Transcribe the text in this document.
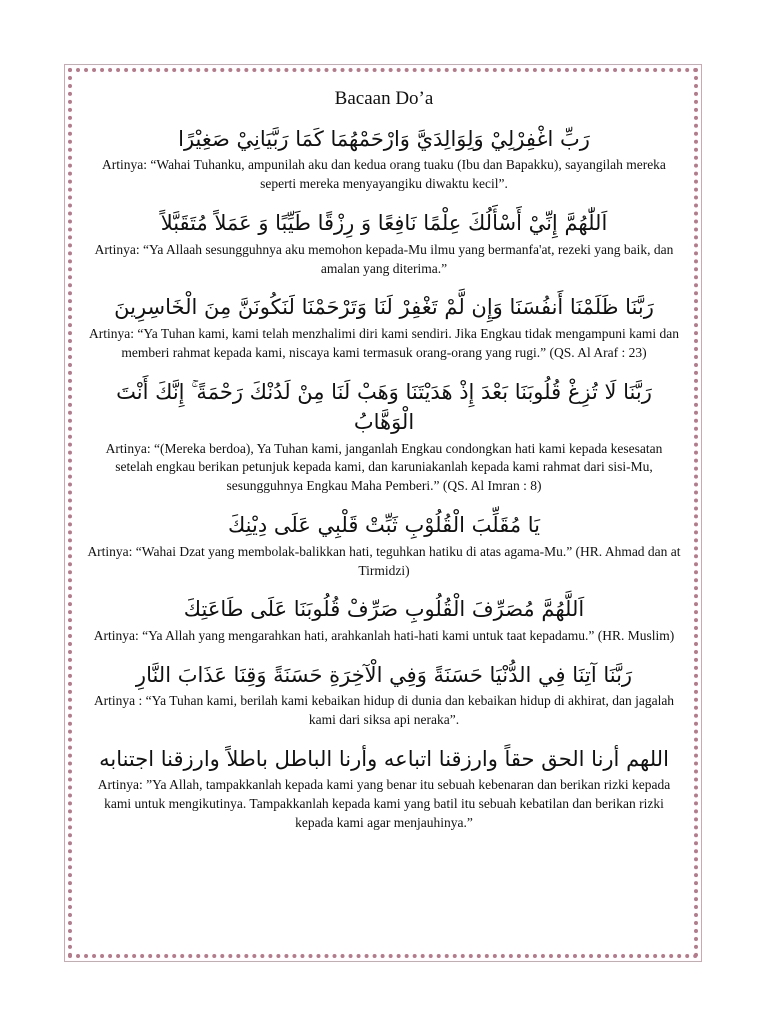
Bacaan Do’a

رَبِّ اغْفِرْلِيْ وَلِوَالِدَيَّ وَارْحَمْهُمَا كَمَا رَبَّيَانِيْ صَغِيْرًا

Artinya: “Wahai Tuhanku, ampunilah aku dan kedua orang tuaku (Ibu dan Bapakku), sayangilah mereka seperti mereka menyayangiku diwaktu kecil”.

اَللّٰهُمَّ إِنِّيْ أَسْأَلُكَ عِلْمًا نَافِعًا وَ رِزْقًا طَيِّبًا وَ عَمَلاً مُتَقَبَّلاً

Artinya: “Ya Allaah sesungguhnya aku memohon kepada-Mu ilmu yang bermanfa'at, rezeki yang baik, dan amalan yang diterima.”

رَبَّنَا ظَلَمْنَا أَنفُسَنَا وَإِن لَّمْ تَغْفِرْ لَنَا وَتَرْحَمْنَا لَنَكُونَنَّ مِنَ الْخَاسِرِينَ

Artinya: “Ya Tuhan kami, kami telah menzhalimi diri kami sendiri. Jika Engkau tidak mengampuni kami dan memberi rahmat kepada kami, niscaya kami termasuk orang-orang yang rugi.” (QS. Al Araf : 23)

رَبَّنَا لَا تُزِغْ قُلُوبَنَا بَعْدَ إِذْ هَدَيْتَنَا وَهَبْ لَنَا مِنْ لَدُنْكَ رَحْمَةً ۚ إِنَّكَ أَنْتَ الْوَهَّابُ

Artinya: “(Mereka berdoa), Ya Tuhan kami, janganlah Engkau condongkan hati kami kepada kesesatan setelah engkau berikan petunjuk kepada kami, dan karuniakanlah kepada kami rahmat dari sisi-Mu, sesungguhnya Engkau Maha Pemberi.” (QS. Al Imran : 8)

يَا مُقَلِّبَ الْقُلُوْبِ ثَبِّتْ قَلْبِي عَلَى دِيْنِكَ

Artinya: “Wahai Dzat yang membolak-balikkan hati, teguhkan hatiku di atas agama-Mu.” (HR. Ahmad dan at Tirmidzi)

اَللَّهُمَّ مُصَرِّفَ الْقُلُوبِ صَرِّفْ قُلُوبَنَا عَلَى طَاعَتِكَ

Artinya: “Ya Allah yang mengarahkan hati, arahkanlah hati-hati kami untuk taat kepadamu.” (HR. Muslim)

رَبَّنَا آتِنَا فِي الدُّنْيَا حَسَنَةً وَفِي الْآخِرَةِ حَسَنَةً وَقِنَا عَذَابَ النَّارِ

Artinya : “Ya Tuhan kami, berilah kami kebaikan hidup di dunia dan kebaikan hidup di akhirat, dan jagalah kami dari siksa api neraka”.

اللهم أرنا الحق حقاً وارزقنا اتباعه وأرنا الباطل باطلاً وارزقنا اجتنابه

Artinya: ”Ya Allah, tampakkanlah kepada kami yang benar itu sebuah kebenaran dan berikan rizki kepada kami untuk mengikutinya. Tampakkanlah kepada kami yang batil itu sebuah kebatilan dan berikan rizki kepada kami agar menjauhinya.”
